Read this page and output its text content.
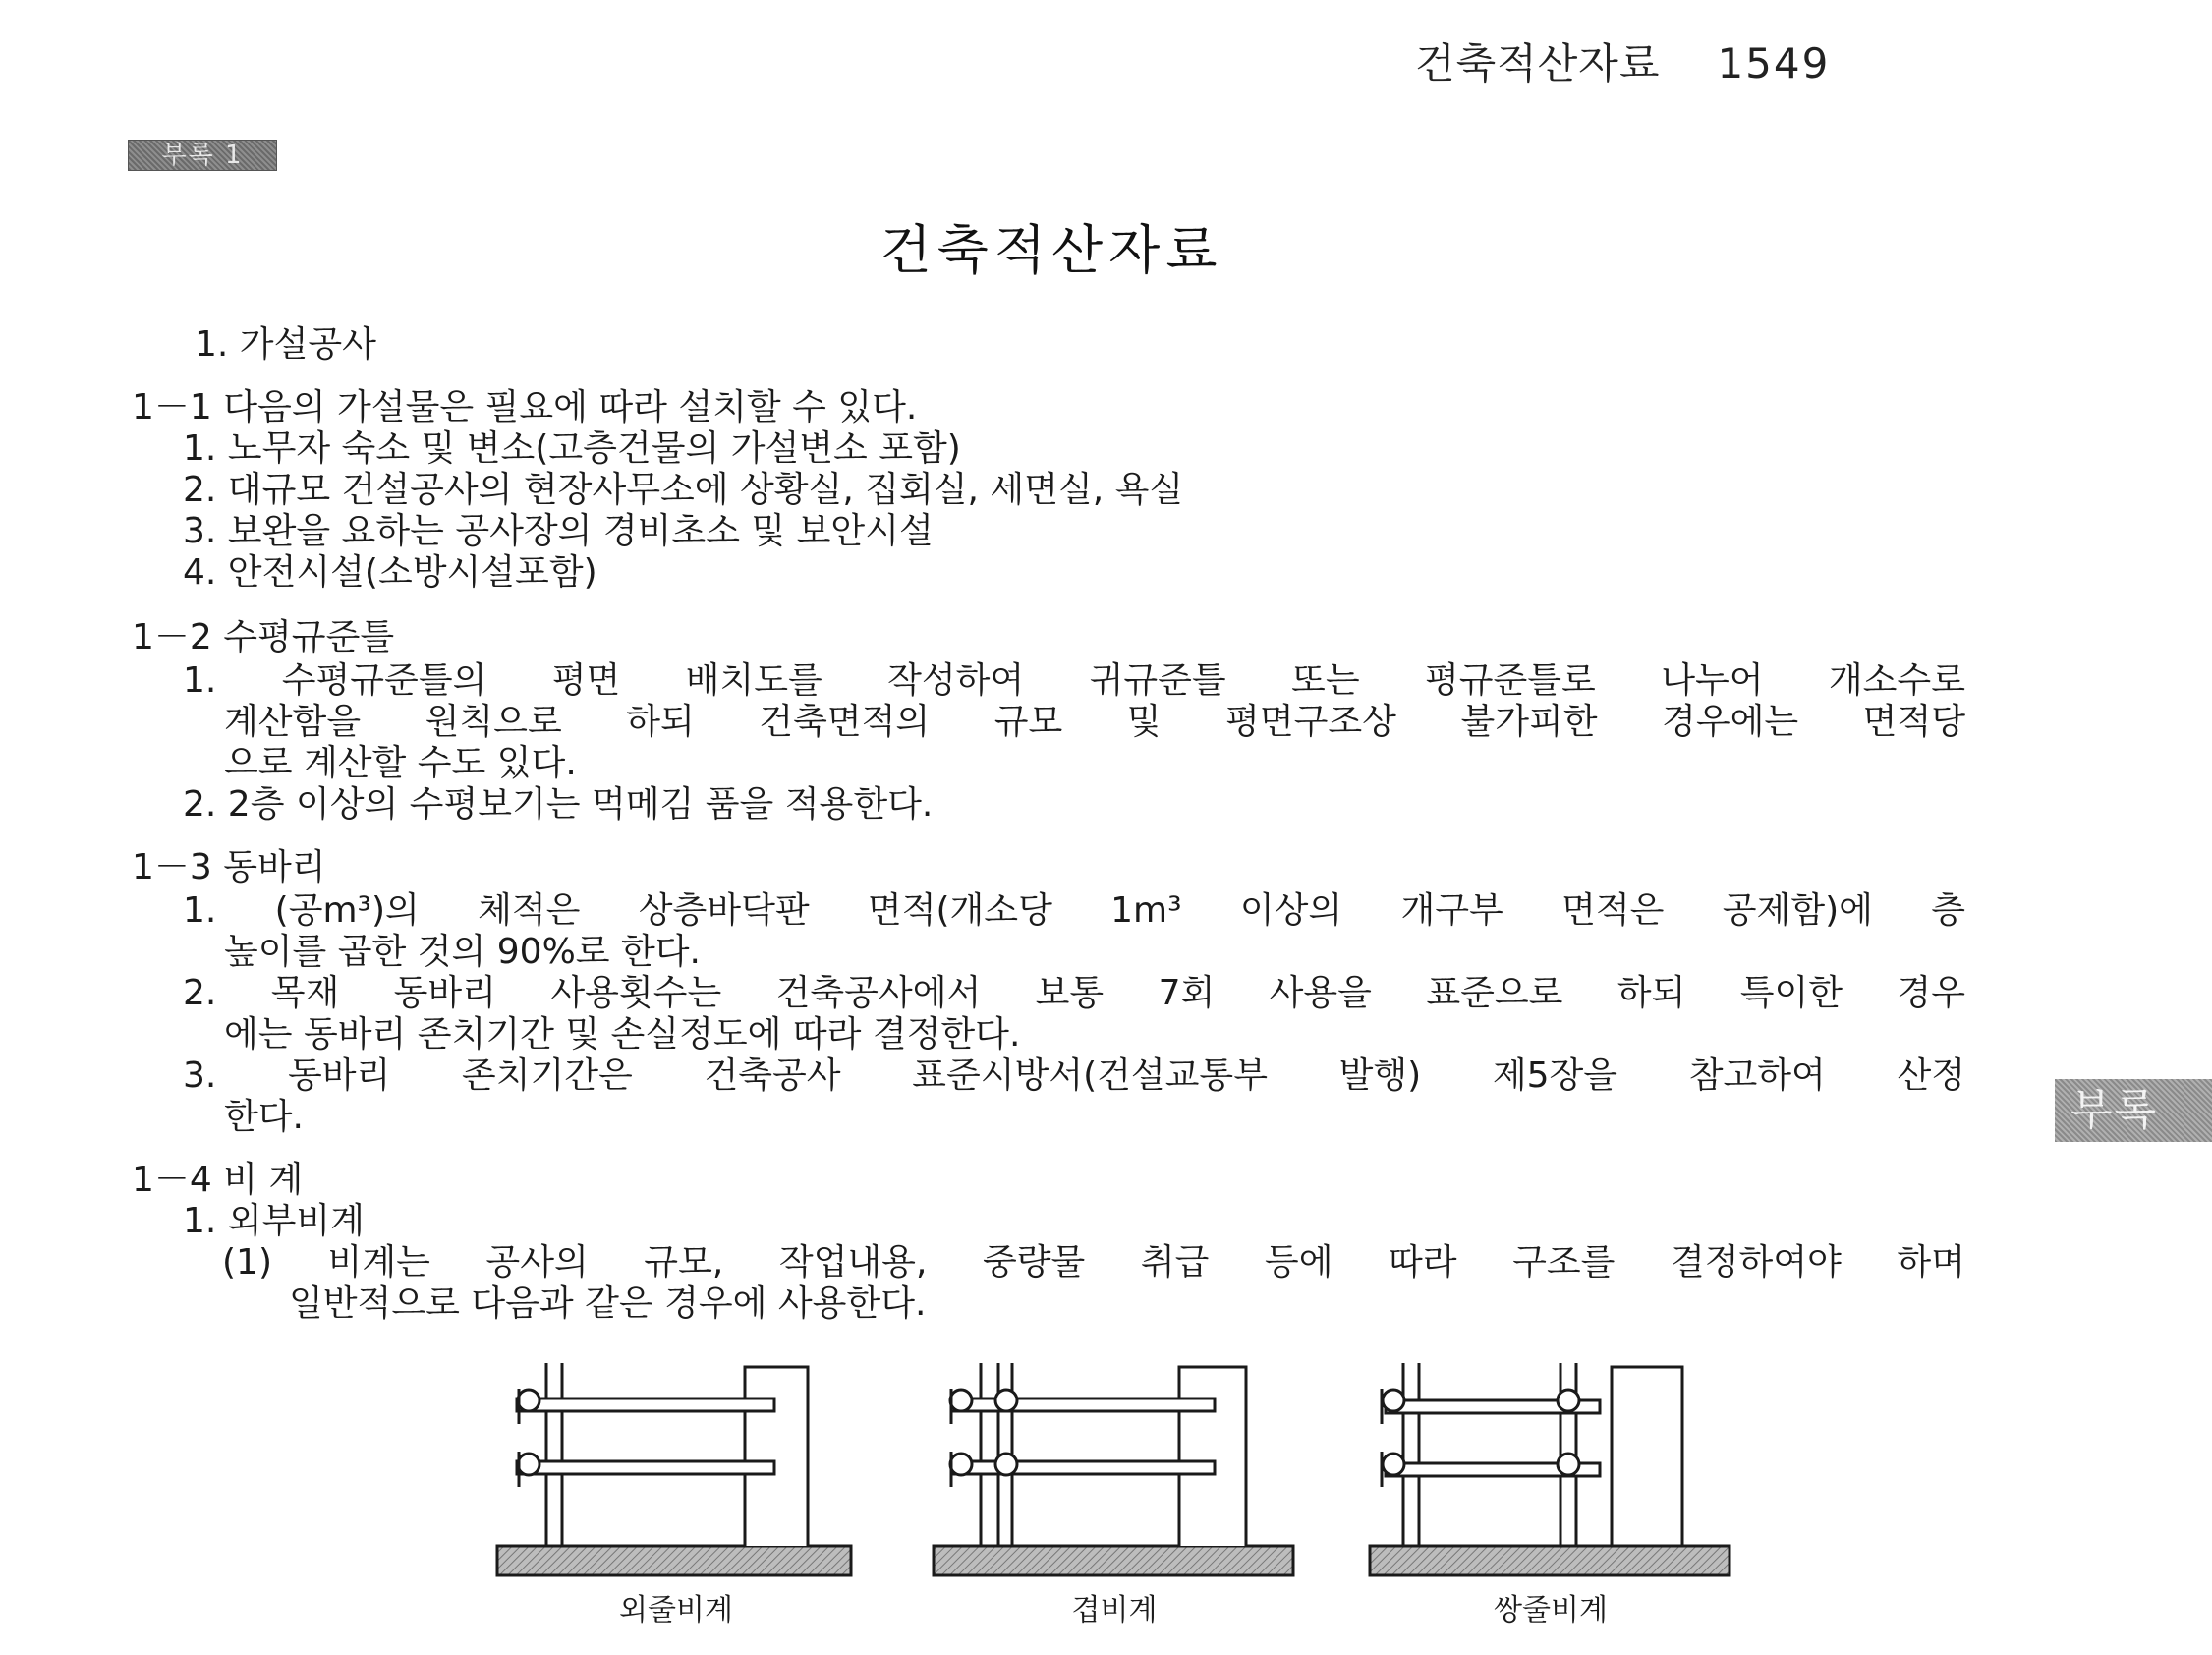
건축적산자료 1549
부록 1
건축적산자료
1. 가설공사
1－1 다음의 가설물은 필요에 따라 설치할 수 있다.
1. 노무자 숙소 및 변소(고층건물의 가설변소 포함)
2. 대규모 건설공사의 현장사무소에 상황실, 집회실, 세면실, 욕실
3. 보완을 요하는 공사장의 경비초소 및 보안시설
4. 안전시설(소방시설포함)
1－2 수평규준틀
1. 수평규준틀의 평면 배치도를 작성하여 귀규준틀 또는 평규준틀로 나누어 개소수로
계산함을 원칙으로 하되 건축면적의 규모 및 평면구조상 불가피한 경우에는 면적당
으로 계산할 수도 있다.
2. 2층 이상의 수평보기는 먹메김 품을 적용한다.
1－3 동바리
1. (공m³)의 체적은 상층바닥판 면적(개소당 1m³ 이상의 개구부 면적은 공제함)에 층
높이를 곱한 것의 90%로 한다.
2. 목재 동바리 사용횟수는 건축공사에서 보통 7회 사용을 표준으로 하되 특이한 경우
에는 동바리 존치기간 및 손실정도에 따라 결정한다.
3. 동바리 존치기간은 건축공사 표준시방서(건설교통부 발행) 제5장을 참고하여 산정
한다.
1－4 비 계
1. 외부비계
(1) 비계는 공사의 규모, 작업내용, 중량물 취급 등에 따라 구조를 결정하여야 하며
일반적으로 다음과 같은 경우에 사용한다.
부록
외줄비계	겹비계	쌍줄비계
